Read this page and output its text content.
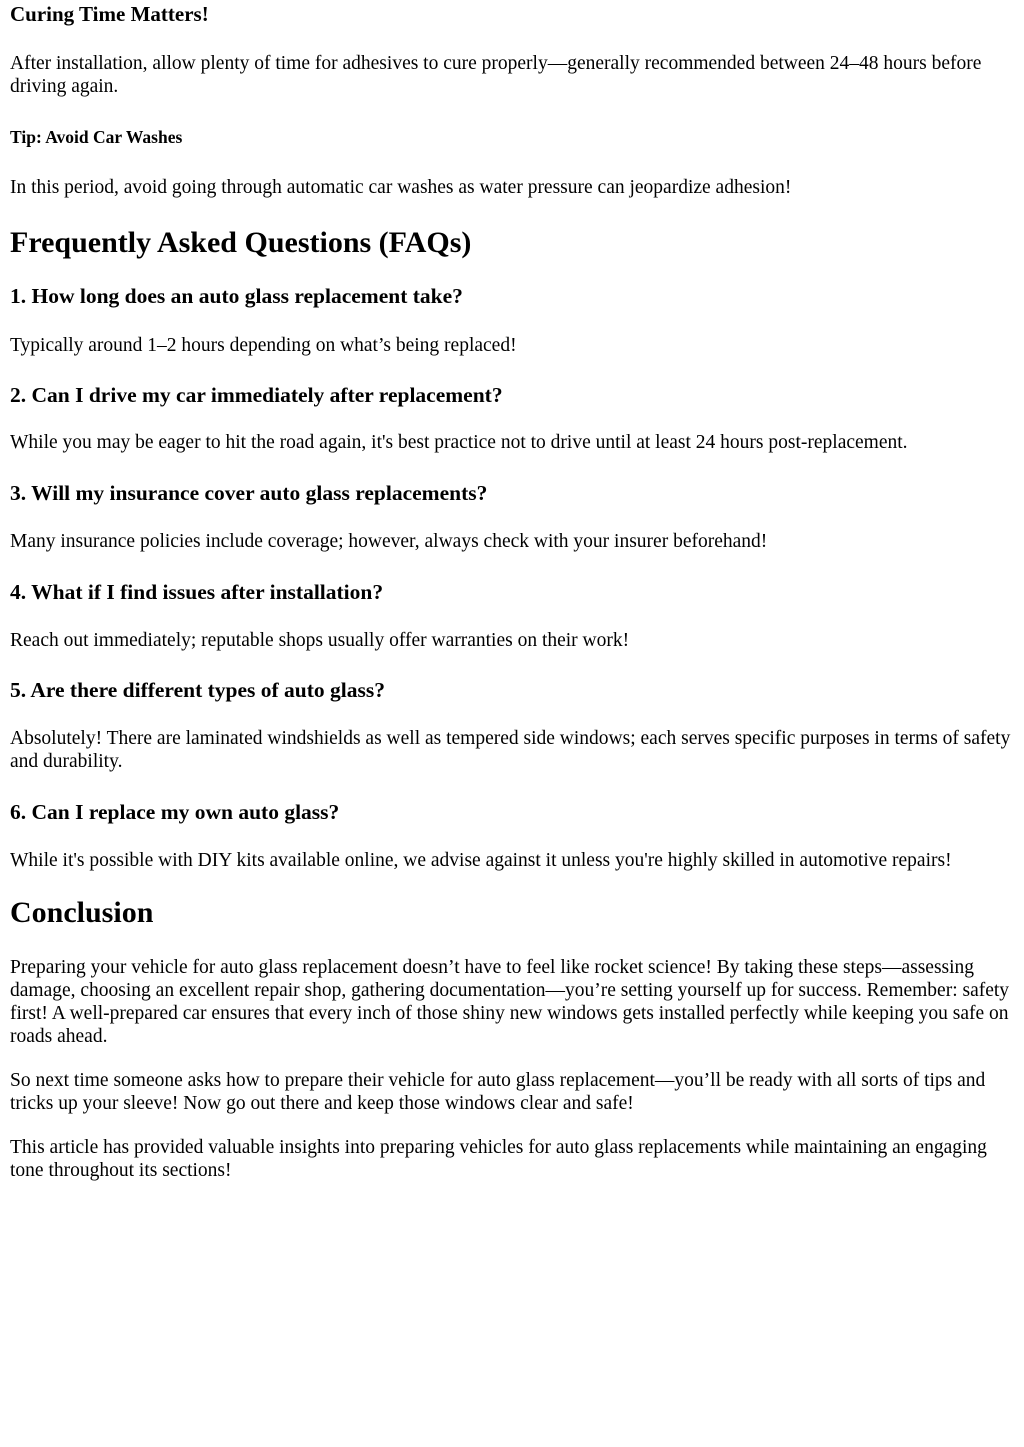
Curing Time Matters!

After installation, allow plenty of time for adhesives to cure properly—generally recommended between 24–48 hours before driving again.

Tip: Avoid Car Washes

In this period, avoid going through automatic car washes as water pressure can jeopardize adhesion!

Frequently Asked Questions (FAQs)
1. How long does an auto glass replacement take?

Typically around 1–2 hours depending on what’s being replaced!

2. Can I drive my car immediately after replacement?

While you may be eager to hit the road again, it's best practice not to drive until at least 24 hours post-replacement.

3. Will my insurance cover auto glass replacements?

Many insurance policies include coverage; however, always check with your insurer beforehand!

4. What if I find issues after installation?

Reach out immediately; reputable shops usually offer warranties on their work!

5. Are there different types of auto glass?

Absolutely! There are laminated windshields as well as tempered side windows; each serves specific purposes in terms of safety and durability.

6. Can I replace my own auto glass?

While it's possible with DIY kits available online, we advise against it unless you're highly skilled in automotive repairs!

Conclusion

Preparing your vehicle for auto glass replacement doesn’t have to feel like rocket science! By taking these steps—assessing damage, choosing an excellent repair shop, gathering documentation—you’re setting yourself up for success. Remember: safety first! A well-prepared car ensures that every inch of those shiny new windows gets installed perfectly while keeping you safe on roads ahead.

So next time someone asks how to prepare their vehicle for auto glass replacement—you’ll be ready with all sorts of tips and tricks up your sleeve! Now go out there and keep those windows clear and safe!

This article has provided valuable insights into preparing vehicles for auto glass replacements while maintaining an engaging tone throughout its sections!
